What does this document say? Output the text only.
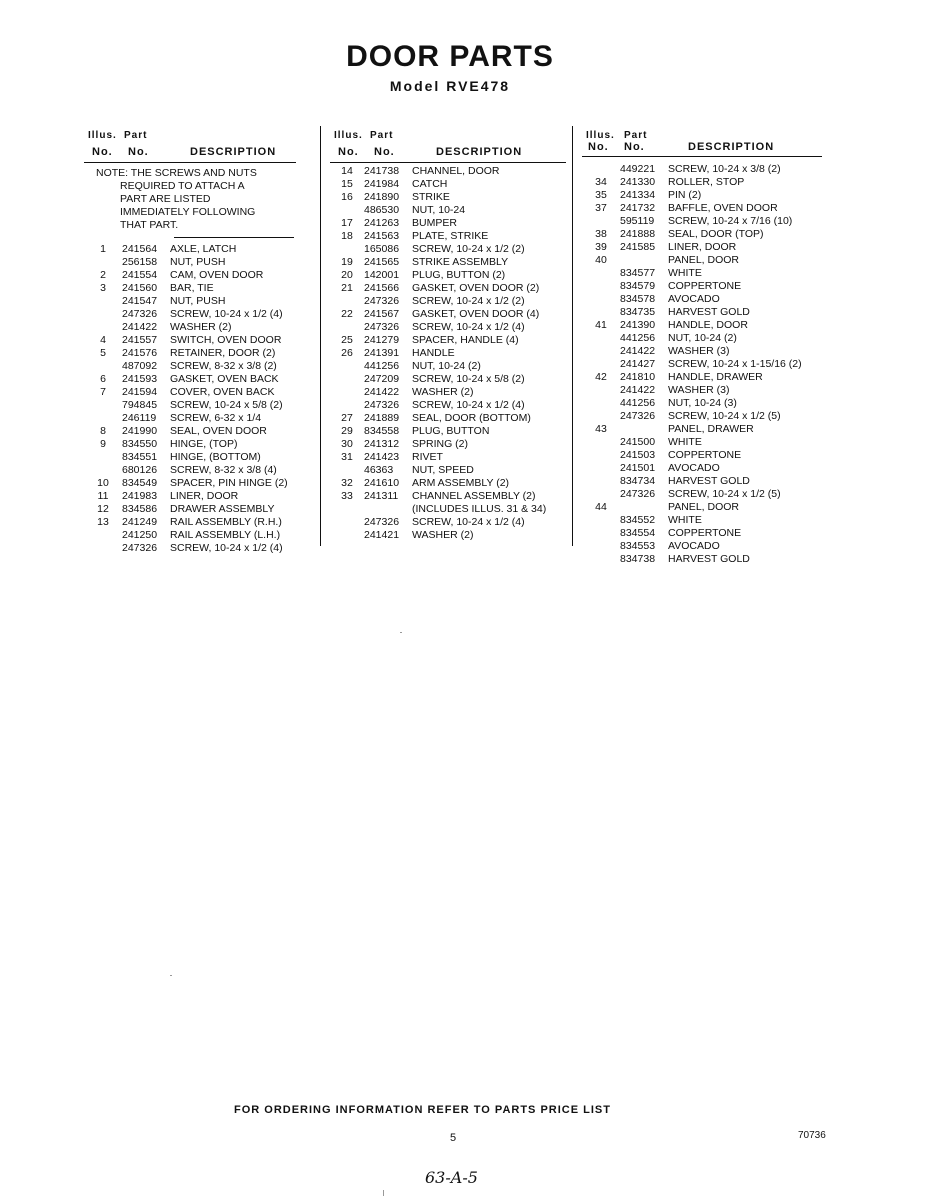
DOOR PARTS
Model RVE478
Illus. Part
No. No.	DESCRIPTION
NOTE: THE SCREWS AND NUTS
REQUIRED TO ATTACH A
PART ARE LISTED
IMMEDIATELY FOLLOWING
THAT PART.
1	241564 AXLE, LATCH
256158 NUT, PUSH
2	241554 CAM, OVEN DOOR
3	241560 BAR, TIE
241547 NUT, PUSH
247326 SCREW, 10-24 x 1/2 (4)
241422 WASHER (2)
4	241557 SWITCH, OVEN DOOR
5	241576 RETAINER, DOOR (2)
487092 SCREW, 8-32 x 3/8 (2)
6	241593 GASKET, OVEN BACK
7	241594 COVER, OVEN BACK
794845 SCREW, 10-24 x 5/8 (2)
246119 SCREW, 6-32 x 1/4
8	241990 SEAL, OVEN DOOR
9	834550 HINGE, (TOP)
834551 HINGE, (BOTTOM)
680126 SCREW, 8-32 x 3/8 (4)
10	834549 SPACER, PIN HINGE (2)
11	241983 LINER, DOOR
12	834586 DRAWER ASSEMBLY
13	241249 RAIL ASSEMBLY (R.H.)
241250 RAIL ASSEMBLY (L.H.)
247326 SCREW, 10-24 x 1/2 (4)
Illus. Part
No. No.	DESCRIPTION
14	241738 CHANNEL, DOOR
15	241984 CATCH
16	241890 STRIKE
486530 NUT, 10-24
17	241263 BUMPER
18	241563 PLATE, STRIKE
165086 SCREW, 10-24 x 1/2 (2)
19	241565 STRIKE ASSEMBLY
20	142001 PLUG, BUTTON (2)
21	241566 GASKET, OVEN DOOR (2)
247326 SCREW, 10-24 x 1/2 (2)
22	241567 GASKET, OVEN DOOR (4)
247326 SCREW, 10-24 x 1/2 (4)
25	241279 SPACER, HANDLE (4)
26	241391 HANDLE
441256 NUT, 10-24 (2)
247209 SCREW, 10-24 x 5/8 (2)
241422 WASHER (2)
247326 SCREW, 10-24 x 1/2 (4)
27	241889 SEAL, DOOR (BOTTOM)
29	834558 PLUG, BUTTON
30	241312 SPRING (2)
31	241423 RIVET
46363 NUT, SPEED
32	241610 ARM ASSEMBLY (2)
33	241311 CHANNEL ASSEMBLY (2)
(INCLUDES ILLUS. 31 & 34)
247326 SCREW, 10-24 x 1/2 (4)
241421 WASHER (2)
Illus. Part
No. No.	DESCRIPTION
449221 SCREW, 10-24 x 3/8 (2)
34	241330 ROLLER, STOP
35	241334 PIN (2)
37	241732 BAFFLE, OVEN DOOR
595119 SCREW, 10-24 x 7/16 (10)
38	241888 SEAL, DOOR (TOP)
39	241585 LINER, DOOR
40	PANEL, DOOR
834577 WHITE
834579 COPPERTONE
834578 AVOCADO
834735 HARVEST GOLD
41	241390 HANDLE, DOOR
441256 NUT, 10-24 (2)
241422 WASHER (3)
241427 SCREW, 10-24 x 1-15/16 (2)
42	241810 HANDLE, DRAWER
241422 WASHER (3)
441256 NUT, 10-24 (3)
247326 SCREW, 10-24 x 1/2 (5)
43	PANEL, DRAWER
241500 WHITE
241503 COPPERTONE
241501 AVOCADO
834734 HARVEST GOLD
247326 SCREW, 10-24 x 1/2 (5)
44	PANEL, DOOR
834552 WHITE
834554 COPPERTONE
834553 AVOCADO
834738 HARVEST GOLD
FOR ORDERING INFORMATION REFER TO PARTS PRICE LIST
5	70736
63-A-5
